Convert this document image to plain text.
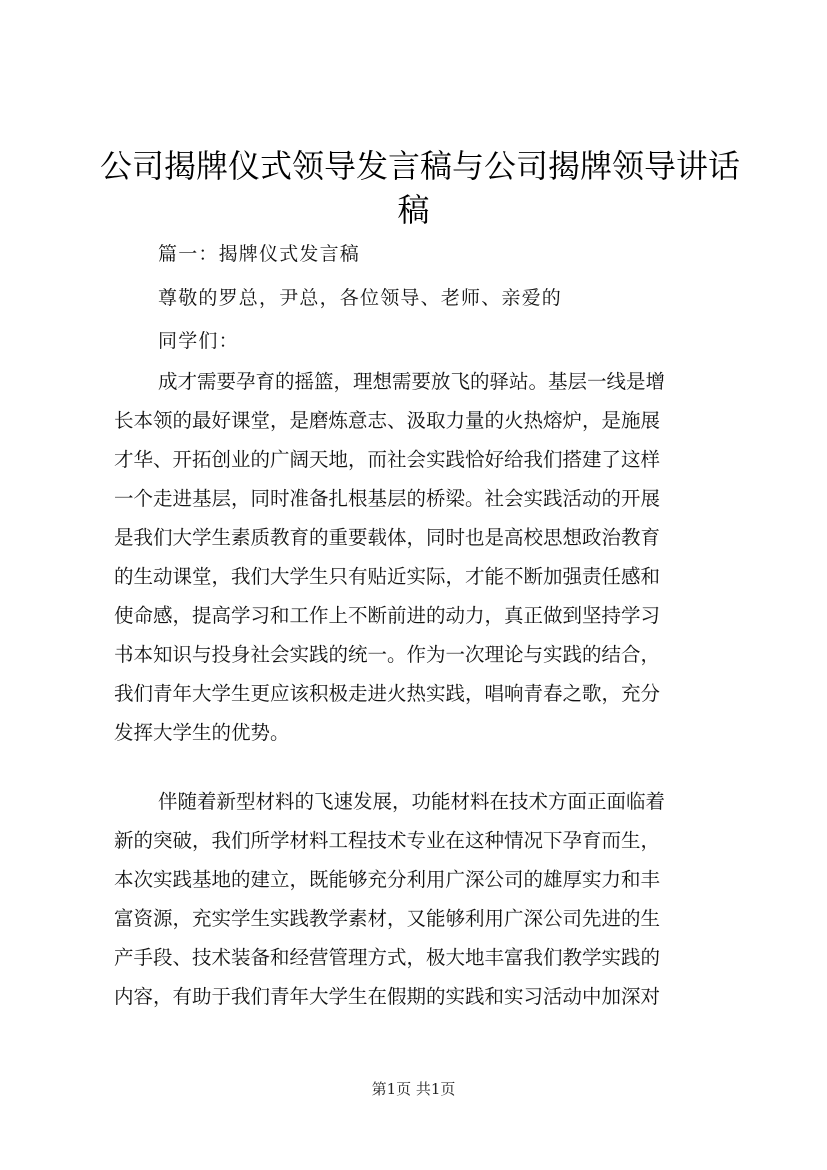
公司揭牌仪式领导发言稿与公司揭牌领导讲话
稿

篇一：揭牌仪式发言稿

尊敬的罗总，尹总，各位领导、老师、亲爱的

同学们：

成才需要孕育的摇篮，理想需要放飞的驿站。基层一线是增
长本领的最好课堂，是磨炼意志、汲取力量的火热熔炉，是施展
才华、开拓创业的广阔天地，而社会实践恰好给我们搭建了这样
一个走进基层，同时准备扎根基层的桥梁。社会实践活动的开展
是我们大学生素质教育的重要载体，同时也是高校思想政治教育
的生动课堂，我们大学生只有贴近实际，才能不断加强责任感和
使命感，提高学习和工作上不断前进的动力，真正做到坚持学习
书本知识与投身社会实践的统一。作为一次理论与实践的结合，
我们青年大学生更应该积极走进火热实践，唱响青春之歌，充分
发挥大学生的优势。
伴随着新型材料的飞速发展，功能材料在技术方面正面临着
新的突破，我们所学材料工程技术专业在这种情况下孕育而生，
本次实践基地的建立，既能够充分利用广深公司的雄厚实力和丰
富资源，充实学生实践教学素材，又能够利用广深公司先进的生
产手段、技术装备和经营管理方式，极大地丰富我们教学实践的
内容，有助于我们青年大学生在假期的实践和实习活动中加深对
第1页 共1页
